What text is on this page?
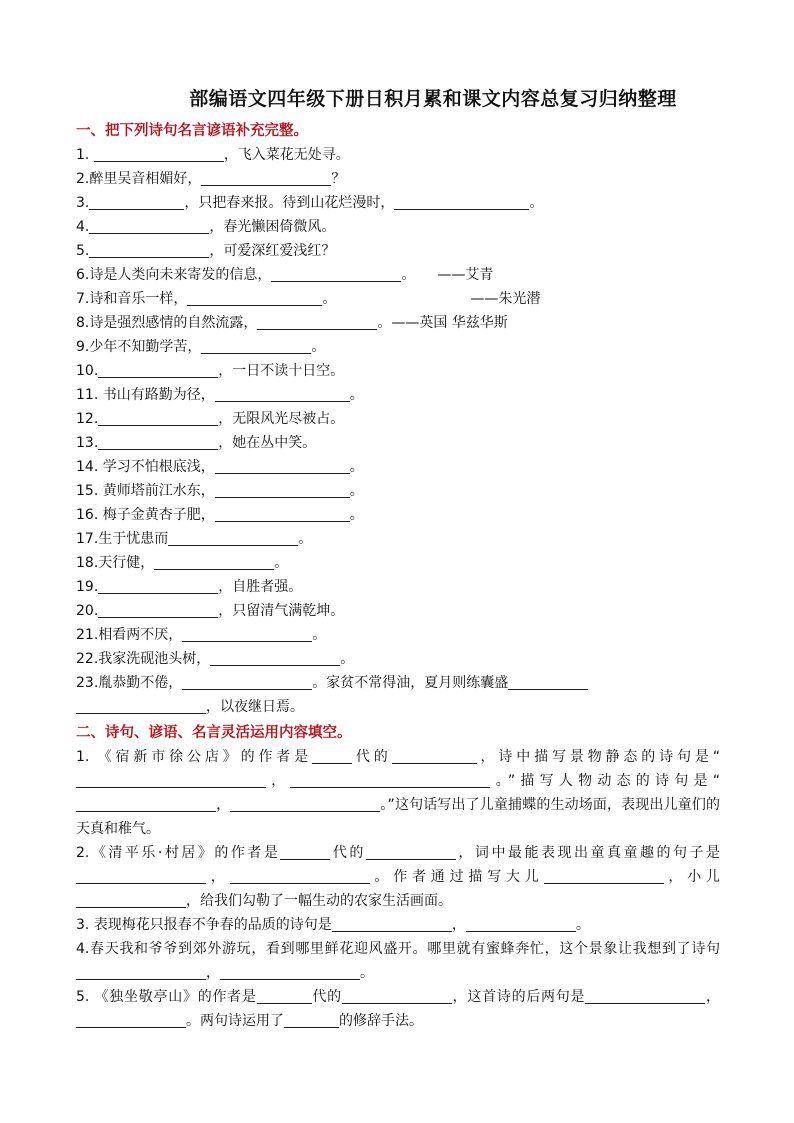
部编语文四年级下册日积月累和课文内容总复习归纳整理
一、把下列诗句名言谚语补充完整。
1.	，飞入菜花无处寻。
2.醉里吴音相媚好，	？
3.	，只把春来报。待到山花烂漫时，	。
4.	，春光懒困倚微风。
5.	，可爱深红爱浅红？
6.诗是人类向未来寄发的信息，	。 ——艾青
7.诗和音乐一样，	。	——朱光潜
8.诗是强烈感情的自然流露，	。——英国 华兹华斯
9.少年不知勤学苦，	。
10.	，一日不读十日空。
11. 书山有路勤为径，	。
12.	，无限风光尽被占。
13.	，她在丛中笑。
14. 学习不怕根底浅，	。
15. 黄师塔前江水东，	。
16. 梅子金黄杏子肥，	。
17.生于忧患而	。
18.天行健，	。
19.	，自胜者强。
20.	，只留清气满乾坤。
21.相看两不厌，	。
22.我家洗砚池头树，	。
23.胤恭勤不倦，	。家贫不常得油，夏月则练囊盛
，以夜继日焉。
二、诗句、谚语、名言灵活运用内容填空。
1. 《宿新市徐公店》的作者是	代的	，诗中描写景物静态的诗句是“，	。”描写人物动态的诗句是“，	。”这句话写出了儿童捕蝶的生动场面，表现出儿童们的天真和稚气。
2.《清平乐·村居》的作者是	代的	，词中最能表现出童真童趣的句子是，	。作者通过描写大儿	，小儿，给我们勾勒了一幅生动的农家生活画面。
3. 表现梅花只报春不争春的品质的诗句是	，	。
4.春天我和爷爷到郊外游玩，看到哪里鲜花迎风盛开。哪里就有蜜蜂奔忙，这个景象让我想到了诗句，	。
5. 《独坐敬亭山》的作者是	代的	，这首诗的后两句是	，。两句诗运用了	的修辞手法。
